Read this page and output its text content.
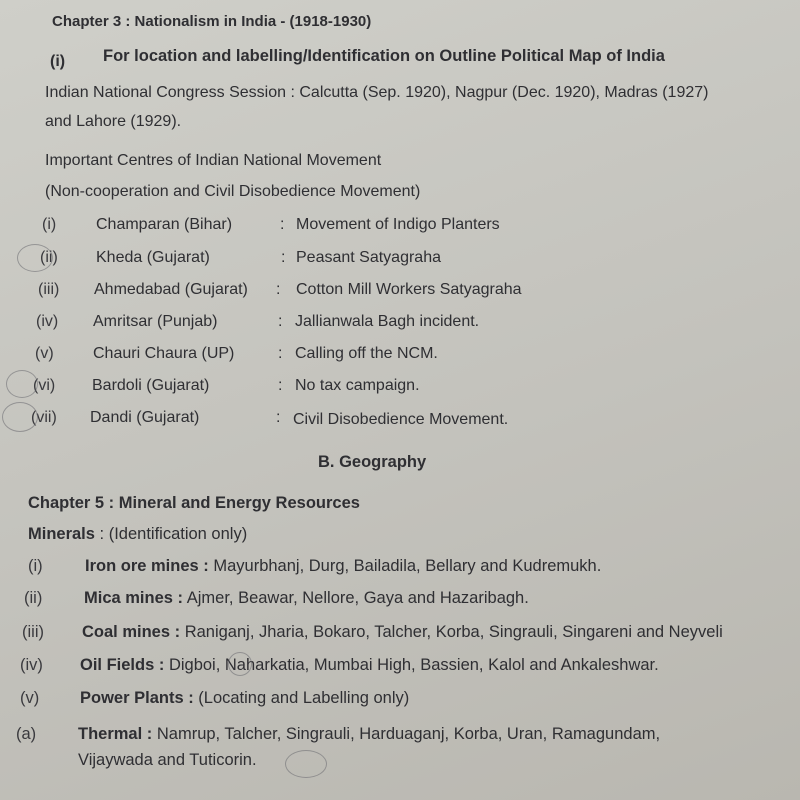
Chapter 3 : Nationalism in India - (1918-1930)
(i) For location and labelling/Identification on Outline Political Map of India
Indian National Congress Session : Calcutta (Sep. 1920), Nagpur (Dec. 1920), Madras (1927)
and Lahore (1929).
Important Centres of Indian National Movement
(Non-cooperation and Civil Disobedience Movement)
(i) Champaran (Bihar)	: Movement of Indigo Planters
(ii) Kheda (Gujarat)	: Peasant Satyagraha
(iii) Ahmedabad (Gujarat) : Cotton Mill Workers Satyagraha
(iv) Amritsar (Punjab)	: Jallianwala Bagh incident.
(v) Chauri Chaura (UP)	: Calling off the NCM.
(vi) Bardoli (Gujarat)	: No tax campaign.
(vii) Dandi (Gujarat)	: Civil Disobedience Movement.
B. Geography
Chapter 5 : Mineral and Energy Resources
Minerals : (Identification only)
(i)	Iron ore mines : Mayurbhanj, Durg, Bailadila, Bellary and Kudremukh.
(ii)	Mica mines : Ajmer, Beawar, Nellore, Gaya and Hazaribagh.
(iii) Coal mines : Raniganj, Jharia, Bokaro, Talcher, Korba, Singrauli, Singareni and Neyveli
(iv) Oil Fields : Digboi, Naharkatia, Mumbai High, Bassien, Kalol and Ankaleshwar.
(v) Power Plants : (Locating and Labelling only)
(a)	Thermal : Namrup, Talcher, Singrauli, Harduaganj, Korba, Uran, Ramagundam,
Vijaywada and Tuticorin.
